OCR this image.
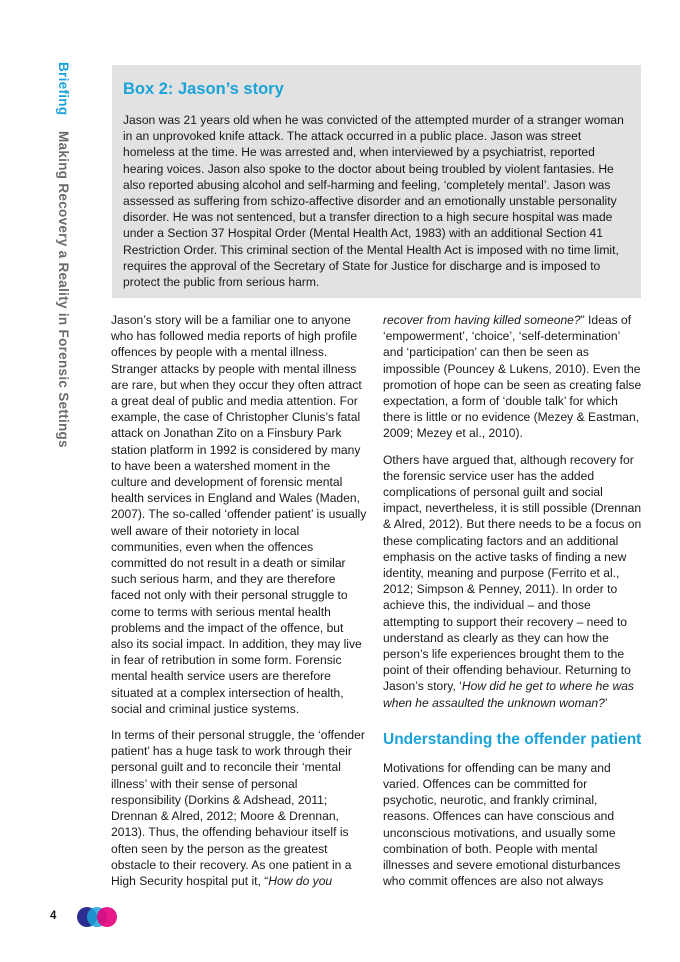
Briefing Making Recovery a Reality in Forensic Settings
Box 2: Jason’s story
Jason was 21 years old when he was convicted of the attempted murder of a stranger woman in an unprovoked knife attack. The attack occurred in a public place. Jason was street homeless at the time. He was arrested and, when interviewed by a psychiatrist, reported hearing voices. Jason also spoke to the doctor about being troubled by violent fantasies. He also reported abusing alcohol and self-harming and feeling, ‘completely mental’. Jason was assessed as suffering from schizo-affective disorder and an emotionally unstable personality disorder. He was not sentenced, but a transfer direction to a high secure hospital was made under a Section 37 Hospital Order (Mental Health Act, 1983) with an additional Section 41 Restriction Order. This criminal section of the Mental Health Act is imposed with no time limit, requires the approval of the Secretary of State for Justice for discharge and is imposed to protect the public from serious harm.

Jason’s story will be a familiar one to anyone who has followed media reports of high profile offences by people with a mental illness. Stranger attacks by people with mental illness are rare, but when they occur they often attract a great deal of public and media attention. For example, the case of Christopher Clunis’s fatal attack on Jonathan Zito on a Finsbury Park station platform in 1992 is considered by many to have been a watershed moment in the culture and development of forensic mental health services in England and Wales (Maden, 2007). The so-called ‘offender patient’ is usually well aware of their notoriety in local communities, even when the offences committed do not result in a death or similar such serious harm, and they are therefore faced not only with their personal struggle to come to terms with serious mental health problems and the impact of the offence, but also its social impact. In addition, they may live in fear of retribution in some form. Forensic mental health service users are therefore situated at a complex intersection of health, social and criminal justice systems.

In terms of their personal struggle, the ‘offender patient’ has a huge task to work through their personal guilt and to reconcile their ‘mental illness’ with their sense of personal responsibility (Dorkins & Adshead, 2011; Drennan & Alred, 2012; Moore & Drennan, 2013). Thus, the offending behaviour itself is often seen by the person as the greatest obstacle to their recovery. As one patient in a High Security hospital put it, “How do you

recover from having killed someone?” Ideas of ‘empowerment’, ‘choice’, ‘self-determination’ and ‘participation’ can then be seen as impossible (Pouncey & Lukens, 2010). Even the promotion of hope can be seen as creating false expectation, a form of ‘double talk’ for which there is little or no evidence (Mezey & Eastman, 2009; Mezey et al., 2010).

Others have argued that, although recovery for the forensic service user has the added complications of personal guilt and social impact, nevertheless, it is still possible (Drennan & Alred, 2012). But there needs to be a focus on these complicating factors and an additional emphasis on the active tasks of finding a new identity, meaning and purpose (Ferrito et al., 2012; Simpson & Penney, 2011). In order to achieve this, the individual – and those attempting to support their recovery – need to understand as clearly as they can how the person’s life experiences brought them to the point of their offending behaviour. Returning to Jason’s story, ‘How did he get to where he was when he assaulted the unknown woman?’

Understanding the offender patient

Motivations for offending can be many and varied. Offences can be committed for psychotic, neurotic, and frankly criminal, reasons. Offences can have conscious and unconscious motivations, and usually some combination of both. People with mental illnesses and severe emotional disturbances who commit offences are also not always

4
